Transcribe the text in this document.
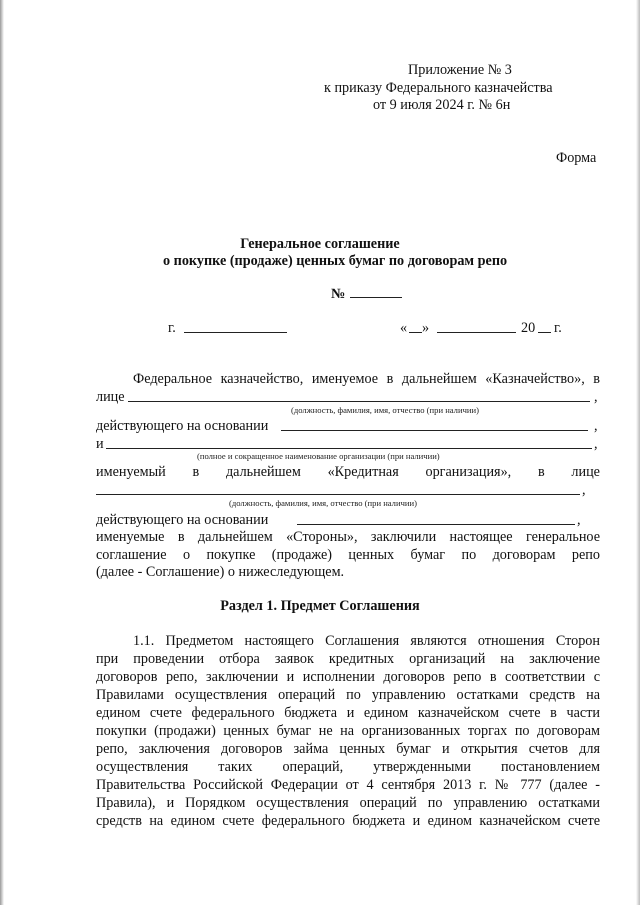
Приложение № 3
к приказу Федерального казначейства
от 9 июля 2024 г. № 6н
Форма
Генеральное соглашение
о покупке (продаже) ценных бумаг по договорам репо
№
г.	« »	20 г.
Федеральное казначейство, именуемое в дальнейшем «Казначейство», в
лице	,
(должность, фамилия, имя, отчество (при наличии)
действующего на основании	,
и	,
(полное и сокращенное наименование организации (при наличии)
именуемый в дальнейшем «Кредитная организация», в лице
,
(должность, фамилия, имя, отчество (при наличии)
действующего на основании	,
именуемые в дальнейшем «Стороны», заключили настоящее генеральное
соглашение о покупке (продаже) ценных бумаг по договорам репо
(далее - Соглашение) о нижеследующем.
Раздел 1. Предмет Соглашения
1.1. Предметом настоящего Соглашения являются отношения Сторон
при проведении отбора заявок кредитных организаций на заключение
договоров репо, заключении и исполнении договоров репо в соответствии с
Правилами осуществления операций по управлению остатками средств на
едином счете федерального бюджета и едином казначейском счете в части
покупки (продажи) ценных бумаг не на организованных торгах по договорам
репо, заключения договоров займа ценных бумаг и открытия счетов для
осуществления таких операций, утвержденными постановлением
Правительства Российской Федерации от 4 сентября 2013 г. № 777 (далее -
Правила), и Порядком осуществления операций по управлению остатками
средств на едином счете федерального бюджета и едином казначейском счете
